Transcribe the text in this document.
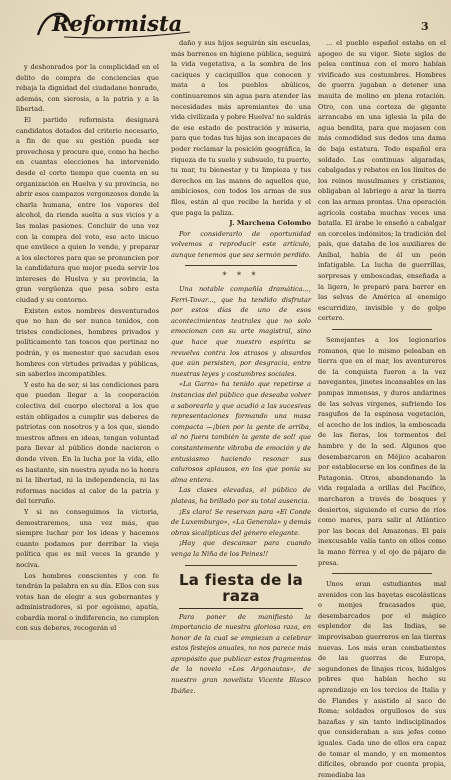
Reformista	3

y deshonrados por la complicidad en el delito de compra de conciencias que rebaja la dignidad del ciudadano honrado, además, con sierosis, a la patria y a la libertad.

El partido reformista designará candidatos dotados del criterio necesario, a fin de que su gestión pueda ser provechosa y procure que, como ha hecho en cuantas elecciones ha intervenido desde el corto tiempo que cuenta en su organización en Huelva y su provincia, no abrir esos campazos vergonzosos donde la charla humana, entre los vapores del alcohol, da rienda suelta a sus vicios y a las malas pasiones. Concluir de una vez con la compra del voto, ese acto inicuo que envilece a quien lo vende, y preparar a los electores para que se pronuncien por la candidatura que mejor pueda servir los intereses de Huelva y su provincia, la gran vergüenza que pesa sobre esta ciudad y su contorno.

Existen estos nombres desventurados que no han de ser nunca tenidos, con tristes condiciones, hombres privados y políticamente tan toscos que pertinaz no podrán, y es menester que sacudan esos hombres con virtudes privadas y públicas, sin saberlos incompatibles.

Y esto ha de ser, si las condiciones para que puedan llegar a la cooperación colectiva del cuerpo electoral a los que están obligados a cumplir sus deberes de patriotas con nosotros y a los que, siendo nuestros afines en ideas, tengan voluntad para llevar al público donde nacieron o donde viven. En la lucha por la vida, ello es bastante, sin nuestra ayuda no la honra ni la libertad, ni la independencia, ni las reformas nacidas al calor de la patria y del terruño.

Y si no conseguimos la victoria, demostraremos, una vez más, que siempre luchar por los ideas y hacemos cuanto podamos por derribar la vieja política que es mil veces la grande y nociva.

Los hombres conscientes y con fe tendrán la palabra en su día. Ellos con sus votos han de elegir a sus gobernantes y administradores, si por egoísmo, apatía, cobardía moral o indiferencia, no cumplen con sus deberes, recogerán el

daño y sus hijos seguirán sin escuelas, más barrenos en higiene pública, seguirá la vida vegetativa, a la sombra de los caciques y caciquillos que conocen y mata a los pueblos abúlicos, continuaremos sin agua para atender las necesidades más apremiantes de una vida civilizada y pobre Huelva! no saldrás de ese estado de postración y miseria, para que todas tus hijas son incapaces de poder reclamar la posición geográfica, la riqueza de tu suelo y subsuelo, tu puerto, tu mar, tu bienestar y tu limpieza y tus derechos en las manos de aquellos que, ambiciosos, con todos los armas de sus filos, están al que recibe la herida y el que paga la paliza.

J. Marchena Colombo

Por considerarlo de oportunidad volvemos a reproducir este artículo, aunque tenemos que sea sermón perdido.

* * *

Una notable compañía dramática..., Ferri-Tovar..., que ha tendido disfrutar por estos días de uno de esos acontecimientos teatrales que no solo emocionan con su arte magistral, sino que hace que nuestro espíritu se revuelva contra los atrasos y absurdos que aún persisten, por desgracia, entre nuestras leyes y costumbres sociales.

«La Garra» ha tenido que repetirse a instancias del público que deseaba volver a saborearla y que acudió a las sucesivas representaciones formando una masa compacta —¡bien por la gente de arriba, al no fuera también la gente de sol! que constantemente vibraba de emoción y de entusiasmo haciendo resonar sus calurosos aplausos, en los que ponía su alma entera.

Las clases elevadas, el público de plateas, ha brillado por su total ausencia.

¡Es claro! Se reservan para «El Conde de Luxemburgo», «La Generala» y demás obras sicalípticas del género elegante.

¡Hay que descansar para cuando venga la Niña de los Peines!!

La fiesta de la raza

Para poner de manifiesto la importancia de nuestra gloriosa raza, en honor de la cual se empiezan a celebrar estos festejos anuales, no nos parece más apropósito que publicar estos fragmentos de la novela «Los Argonautas», de nuestro gran novelista Vicente Blasco Ibáñez.

... el pueblo español estaba en el apogeo de su vigor. Siete siglos de pelea continua con el moro habían vivificado sus costumbres. Hombres de guerra jugaban a detener una mauita de molino en plena rotación. Otro, con una corteza de gigante arrancaba en una iglesia la pila de agua bendita, para que mojasen con más comodidad sus dedos una dama de baja estatura. Todo español era soldado. Las continuas algaradas, cabalgadas y rebatos en los límites de los reinos musulmanes y cristianos, obligaban al labriego a arar la tierra con las armas prontas. Una operación agrícola costaba muchas veces una batalla. El árabe le enseñó a cabalgar en corceles indómitos; la tradición del país, que databa de los auxiliares de Aníbal, había de él un peón infatigable. La lucha de guerrillas, sorpresas y emboscadas, enseñada a la ligera, le preparó para barrer en las selvas de América al enemigo escurridizo, invisible y de golpe certero.

Semejantes a los legionarios romanos, que lo mismo peleaban en tierra que en el mar, los aventureros de la conquista fueron a la vez navegantes, jinetes incansables en las pampas inmensas, y duros andarines de las selvas vírgenes, sufriendo los rasguños de la espinosa vegetación, el acecho de los indios, la emboscada de las fieras, los tormentos del hambre y de la sed. Algunos que desembarcaron en Méjico acabaron por establecerse en los confines de la Patagonia. Otros, abandonando la vida regalada a orillas del Pacífico, marcharon a través de bosques y desiertos, siguiendo el curso de ríos como mares, para salir al Atlántico por las bocas del Amazonas. El país inexcusable valía tanto en ellos como la mano férrea y el ojo de pájaro de presa.

Unos eran estudiantes mal avenidos con las bayetas escolásticas o monjes fracasados que, desembarcados por el mágico esplendor de las Indias, se improvisaban guerreros en las tierras nuevas. Los más eran combatientes de las guerras de Europa, segundones de linajes ricos, hidalgos pobres que habían hecho su aprendizaje en los tercios de Italia y de Flandes y asistido al saco de Roma; soldados orgullosos de sus hazañas y sin tanto indisciplinados que consideraban a sus jefes como iguales. Cada uno de ellos era capaz de tomar el mando, y en momentos difíciles, obrando por cuenta propia, remediaba las
